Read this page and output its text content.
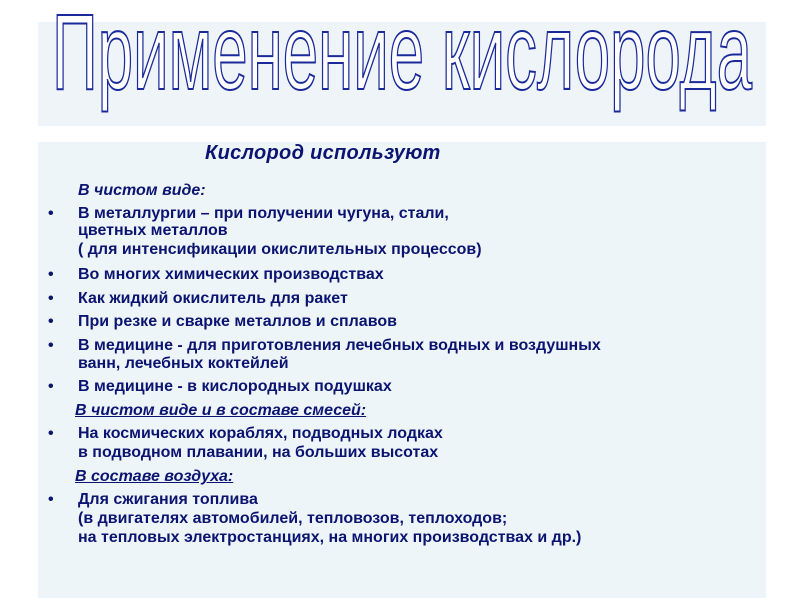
Применение кислорода
Кислород используют
В чистом виде:
• В металлургии – при получении чугуна, стали,
цветных металлов
( для интенсификации окислительных процессов)
• Во многих химических производствах
• Как жидкий окислитель для ракет
• При резке и сварке металлов и сплавов
• В медицине - для приготовления лечебных водных и воздушных
ванн, лечебных коктейлей
• В медицине - в кислородных подушках
В чистом виде и в составе смесей:
• На космических кораблях, подводных лодках
в подводном плавании, на больших высотах
В составе воздуха:
• Для сжигания топлива
(в двигателях автомобилей, тепловозов, теплоходов;
на тепловых электростанциях, на многих производствах и др.)
